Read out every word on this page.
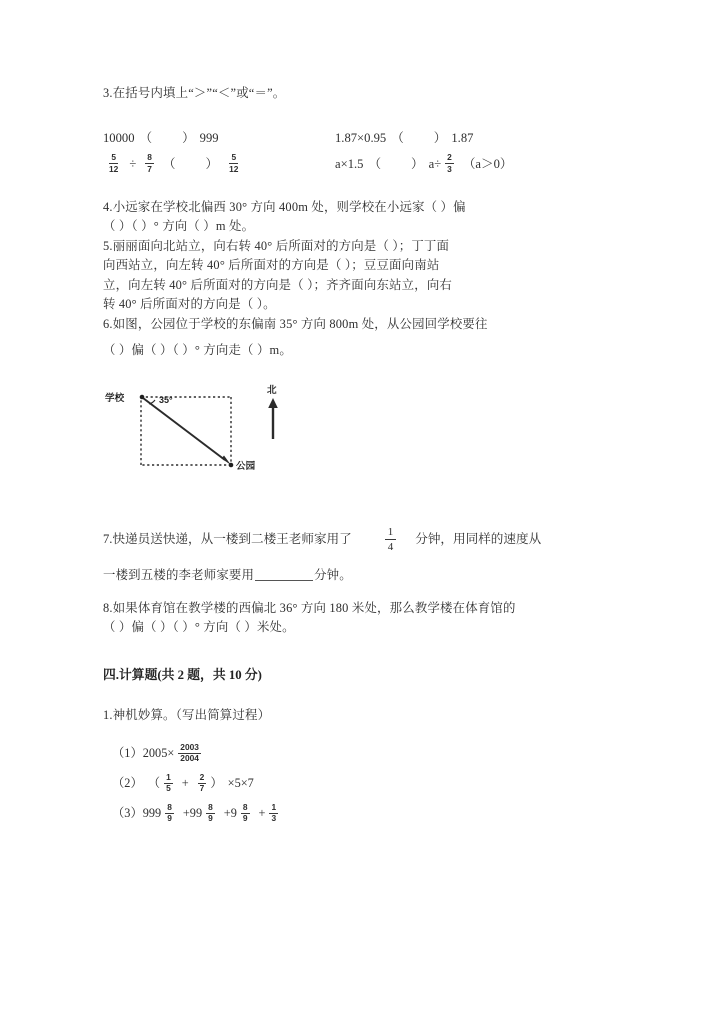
3.在括号内填上“＞”“＜”或“＝”。
10000 （ ） 999	1.87×0.95 （ ） 1.87
$\frac{5}{12} \div \frac{8}{7}$ （ ） $\frac{5}{12}$	a×1.5 （ ） $a\div \frac{2}{3} (a>0)$
4.小远家在学校北偏西 30° 方向 400m 处，则学校在小远家（ ）偏
（ ）（ ）° 方向（ ）m 处。
5.丽丽面向北站立，向右转 40° 后所面对的方向是（ ）；丁丁面
向西站立，向左转 40° 后所面对的方向是（ ）；豆豆面向南站
立，向左转 40° 后所面对的方向是（ ）；齐齐面向东站立，向右
转 40° 后所面对的方向是（ ）。
6.如图，公园位于学校的东偏南 35° 方向 800m 处，从公园回学校要往
（ ）偏（ ）（ ）° 方向走（ ）m。
学校
公园
北
35°
7.快递员送快递，从一楼到二楼王老师家用了	$\frac{1}{4}$ 分钟，用同样的速度从
一楼到五楼的李老师家要用	分钟。
8.如果体育馆在教学楼的西偏北 36° 方向 180 米处，那么教学楼在体育馆的
（ ）偏（ ）（ ）° 方向（ ）米处。
四.计算题(共 2 题，共 10 分)
1.神机妙算。（写出简算过程）
（1） $2005\times \frac{2003}{2004}$
（2） （ $\frac{1}{5} + \frac{2}{7}$ ） ×5×7
（3） $999 \frac{8}{9} +99 \frac{8}{9} +9 \frac{8}{9} + \frac{1}{3}$
